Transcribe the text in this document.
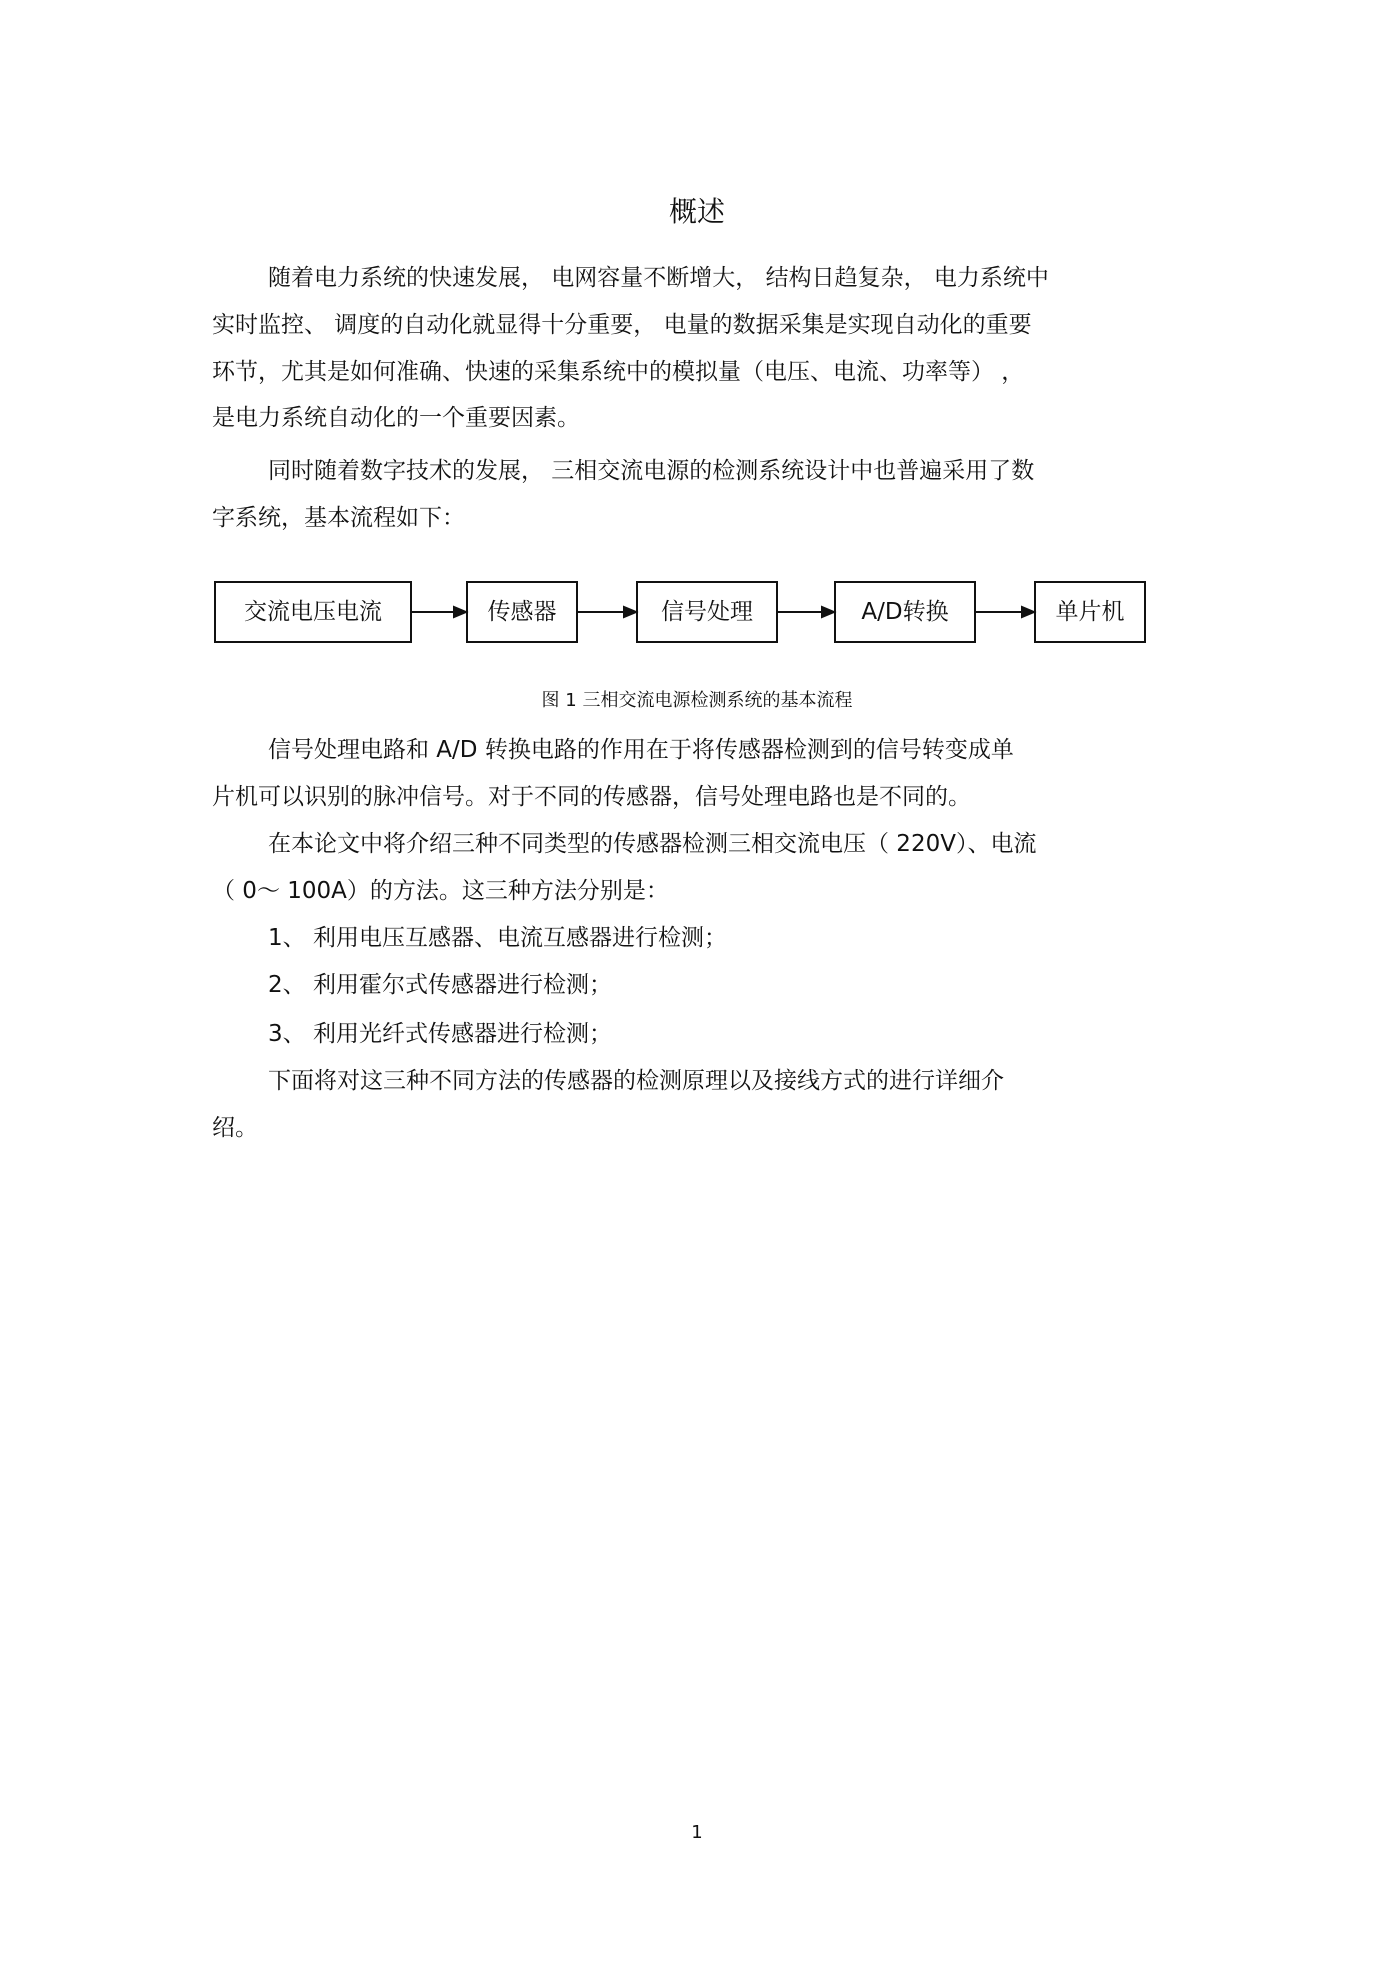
概述
随着电力系统的快速发展， 电网容量不断增大， 结构日趋复杂， 电力系统中
实时监控、 调度的自动化就显得十分重要， 电量的数据采集是实现自动化的重要
环节，尤其是如何准确、快速的采集系统中的模拟量（电压、电流、功率等） ，
是电力系统自动化的一个重要因素。
同时随着数字技术的发展， 三相交流电源的检测系统设计中也普遍采用了数
字系统，基本流程如下：
交流电压电流	传感器	信号处理	A/D转换	单片机
图 1 三相交流电源检测系统的基本流程
信号处理电路和 A/D 转换电路的作用在于将传感器检测到的信号转变成单
片机可以识别的脉冲信号。对于不同的传感器，信号处理电路也是不同的。
在本论文中将介绍三种不同类型的传感器检测三相交流电压（ 220V）、电流
（ 0～ 100A）的方法。这三种方法分别是：
1、 利用电压互感器、电流互感器进行检测；
2、 利用霍尔式传感器进行检测；
3、 利用光纤式传感器进行检测；
下面将对这三种不同方法的传感器的检测原理以及接线方式的进行详细介
绍。
1
